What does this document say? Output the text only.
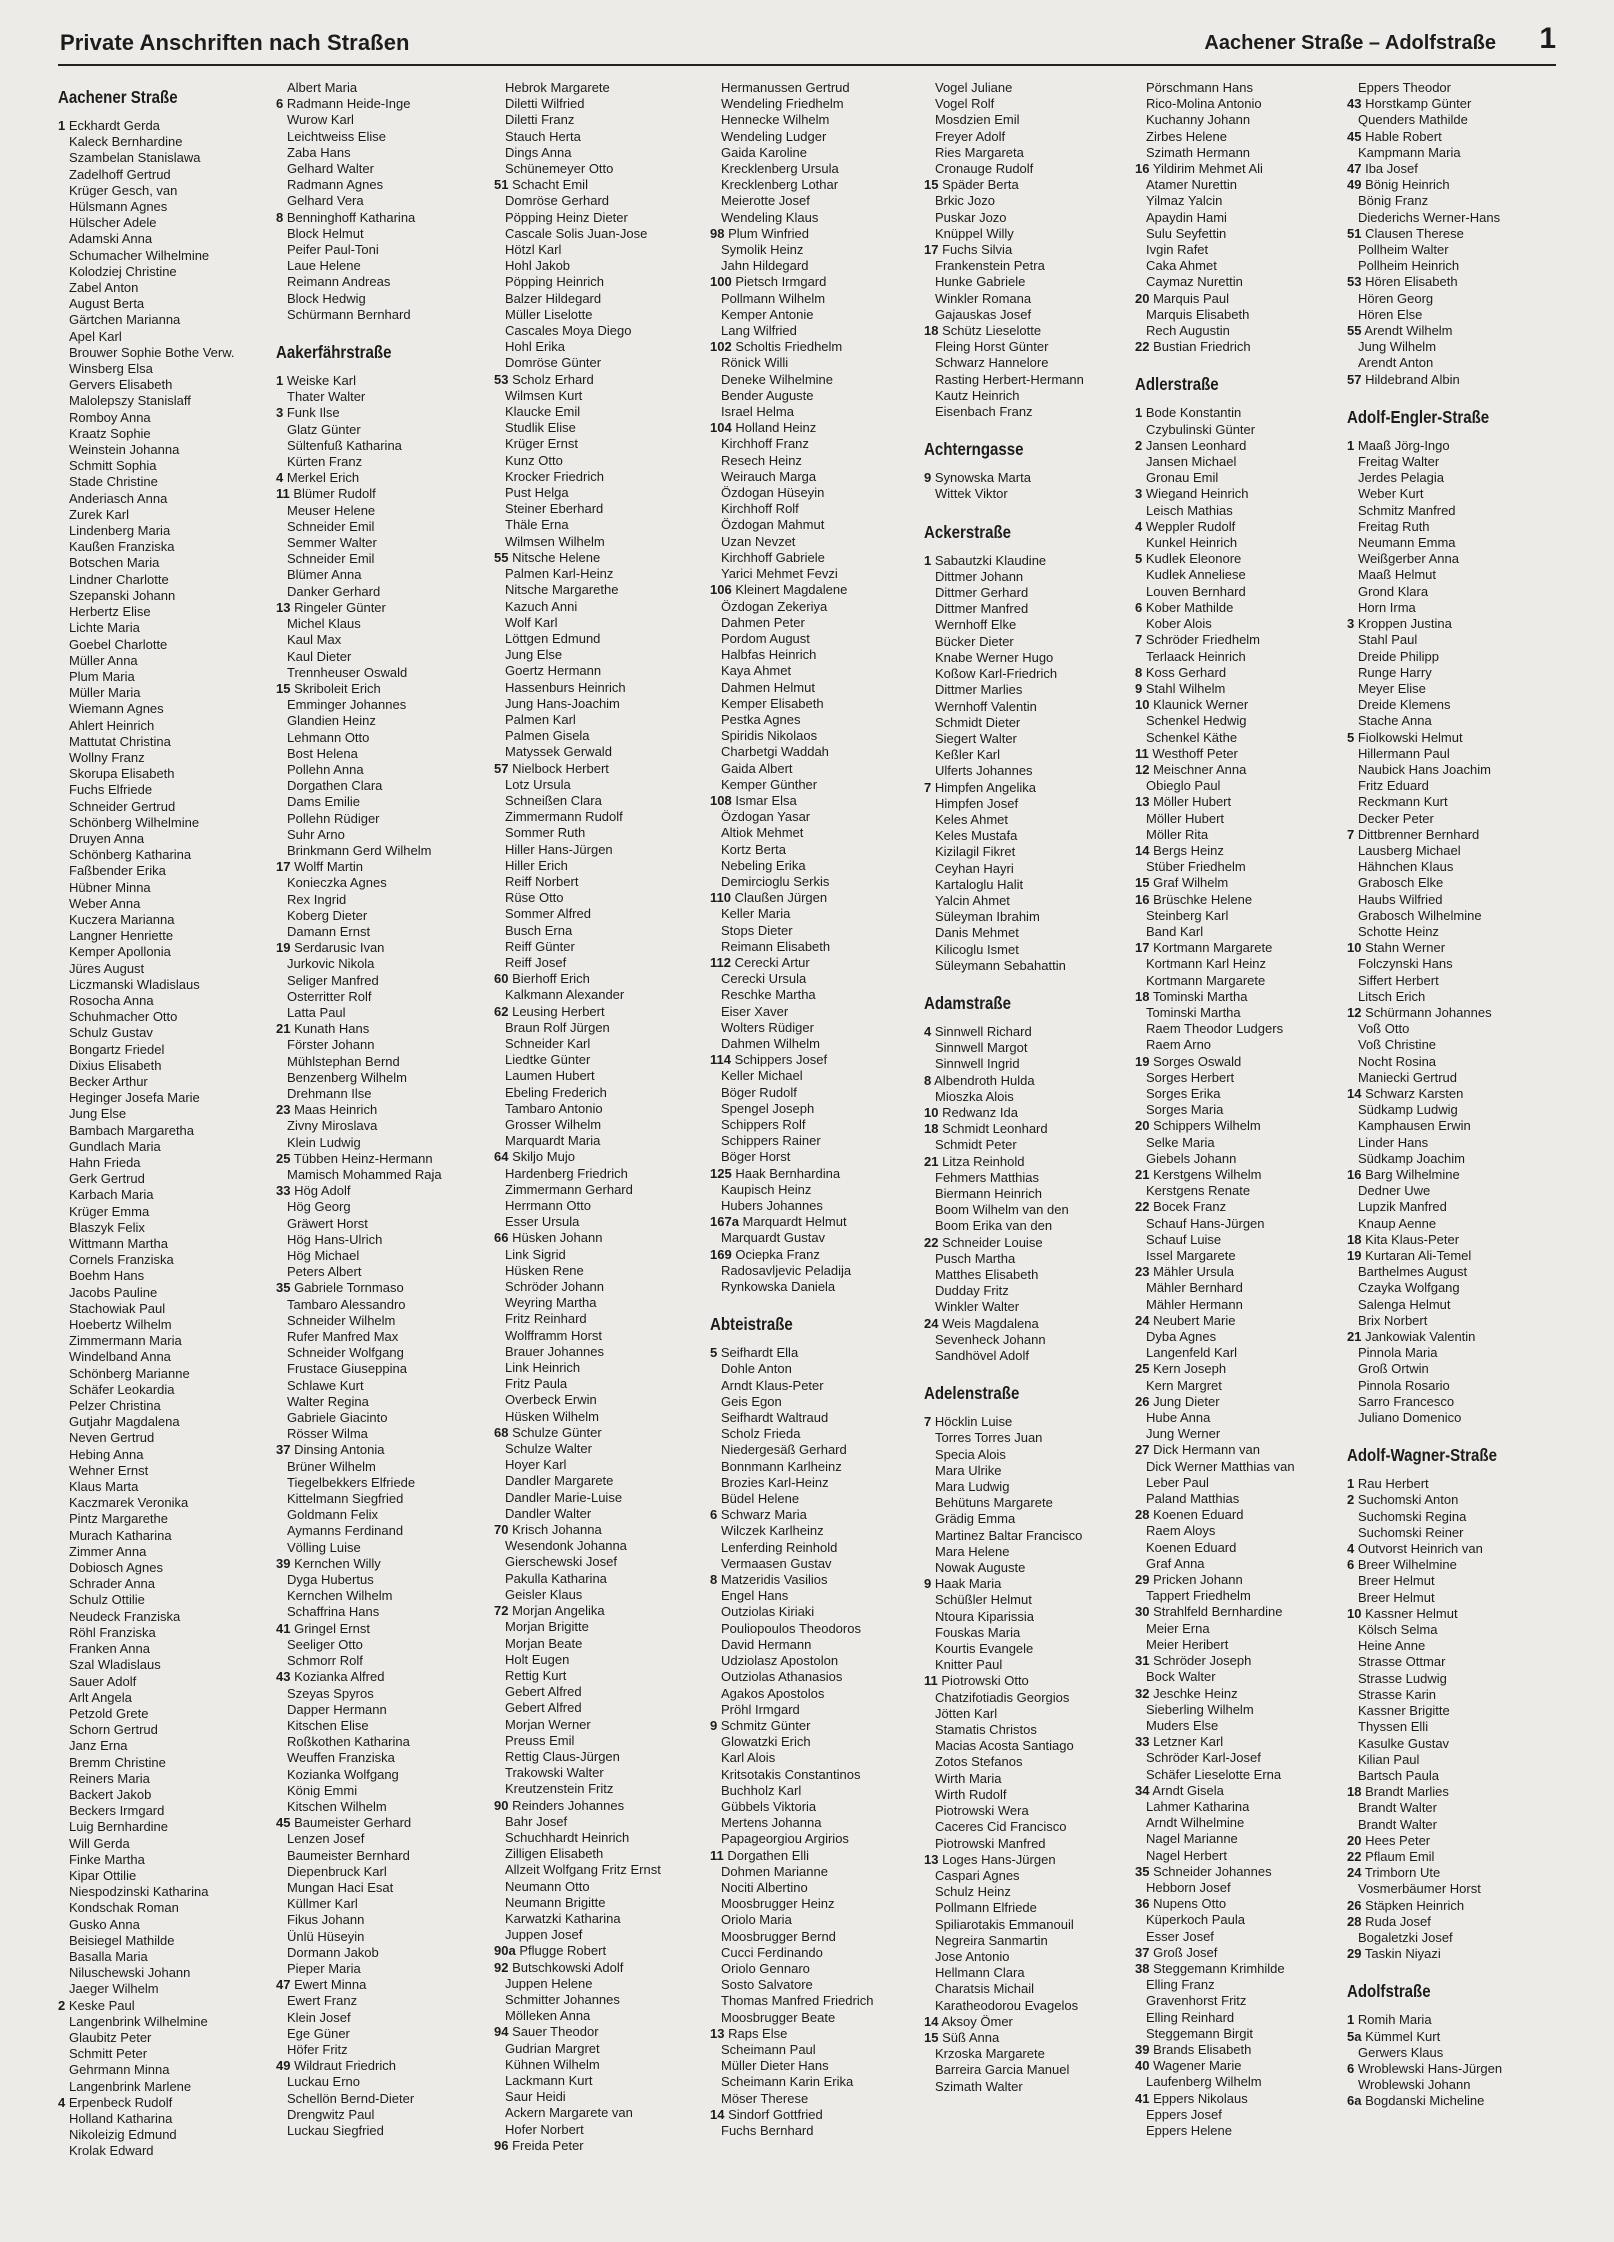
Private Anschriften nach Straßen	Aachener Straße – Adolfstraße 1
Aachener Straße
1 Eckhardt Gerda
Kaleck Bernhardine
Szambelan Stanislawa
Zadelhoff Gertrud
Krüger Gesch, van
Hülsmann Agnes
Hülscher Adele
Adamski Anna
Schumacher Wilhelmine
Kolodziej Christine
Zabel Anton
August Berta
Gärtchen Marianna
Apel Karl
Brouwer Sophie Bothe Verw.
Winsberg Elsa
Gervers Elisabeth
Malolepszy Stanislaff
Romboy Anna
Kraatz Sophie
Weinstein Johanna
Schmitt Sophia
Stade Christine
Anderiasch Anna
Zurek Karl
Lindenberg Maria
Kaußen Franziska
Botschen Maria
Lindner Charlotte
Szepanski Johann
Herbertz Elise
Lichte Maria
Goebel Charlotte
Müller Anna
Plum Maria
Müller Maria
Wiemann Agnes
Ahlert Heinrich
Mattutat Christina
Wollny Franz
Skorupa Elisabeth
Fuchs Elfriede
Schneider Gertrud
Schönberg Wilhelmine
Druyen Anna
Schönberg Katharina
Faßbender Erika
Hübner Minna
Weber Anna
Kuczera Marianna
Langner Henriette
Kemper Apollonia
Jüres August
Liczmanski Wladislaus
Rosocha Anna
Schuhmacher Otto
Schulz Gustav
Bongartz Friedel
Dixius Elisabeth
Becker Arthur
Heginger Josefa Marie
Jung Else
Bambach Margaretha
Gundlach Maria
Hahn Frieda
Gerk Gertrud
Karbach Maria
Krüger Emma
Blaszyk Felix
Wittmann Martha
Cornels Franziska
Boehm Hans
Jacobs Pauline
Stachowiak Paul
Hoebertz Wilhelm
Zimmermann Maria
Windelband Anna
Schönberg Marianne
Schäfer Leokardia
Pelzer Christina
Gutjahr Magdalena
Neven Gertrud
Hebing Anna
Wehner Ernst
Klaus Marta
Kaczmarek Veronika
Pintz Margarethe
Murach Katharina
Zimmer Anna
Dobiosch Agnes
Schrader Anna
Schulz Ottilie
Neudeck Franziska
Röhl Franziska
Franken Anna
Szal Wladislaus
Sauer Adolf
Arlt Angela
Petzold Grete
Schorn Gertrud
Janz Erna
Bremm Christine
Reiners Maria
Backert Jakob
Beckers Irmgard
Luig Bernhardine
Will Gerda
Finke Martha
Kipar Ottilie
Niespodzinski Katharina
Kondschak Roman
Gusko Anna
Beisiegel Mathilde
Basalla Maria
Niluschewski Johann
Jaeger Wilhelm
2 Keske Paul
Langenbrink Wilhelmine
Glaubitz Peter
Schmitt Peter
Gehrmann Minna
Langenbrink Marlene
4 Erpenbeck Rudolf
Holland Katharina
Nikoleizig Edmund
Krolak Edward
Albert Maria
6 Radmann Heide-Inge
Wurow Karl
Leichtweiss Elise
Zaba Hans
Gelhard Walter
Radmann Agnes
Gelhard Vera
8 Benninghoff Katharina
Block Helmut
Peifer Paul-Toni
Laue Helene
Reimann Andreas
Block Hedwig
Schürmann Bernhard
Aakerfährstraße
1 Weiske Karl
Thater Walter
3 Funk Ilse
Glatz Günter
Sültenfuß Katharina
Kürten Franz
4 Merkel Erich
11 Blümer Rudolf
Meuser Helene
Schneider Emil
Semmer Walter
Schneider Emil
Blümer Anna
Danker Gerhard
13 Ringeler Günter
Michel Klaus
Kaul Max
Kaul Dieter
Trennheuser Oswald
15 Skriboleit Erich
Emminger Johannes
Glandien Heinz
Lehmann Otto
Bost Helena
Pollehn Anna
Dorgathen Clara
Dams Emilie
Pollehn Rüdiger
Suhr Arno
Brinkmann Gerd Wilhelm
17 Wolff Martin
Konieczka Agnes
Rex Ingrid
Koberg Dieter
Damann Ernst
19 Serdarusic Ivan
Jurkovic Nikola
Seliger Manfred
Osterritter Rolf
Latta Paul
21 Kunath Hans
Förster Johann
Mühlstephan Bernd
Benzenberg Wilhelm
Drehmann Ilse
23 Maas Heinrich
Zivny Miroslava
Klein Ludwig
25 Tübben Heinz-Hermann
Mamisch Mohammed Raja
33 Hög Adolf
Hög Georg
Gräwert Horst
Hög Hans-Ulrich
Hög Michael
Peters Albert
35 Gabriele Tornmaso
Tambaro Alessandro
Schneider Wilhelm
Rufer Manfred Max
Schneider Wolfgang
Frustace Giuseppina
Schlawe Kurt
Walter Regina
Gabriele Giacinto
Rösser Wilma
37 Dinsing Antonia
Brüner Wilhelm
Tiegelbekkers Elfriede
Kittelmann Siegfried
Goldmann Felix
Aymanns Ferdinand
Völling Luise
39 Kernchen Willy
Dyga Hubertus
Kernchen Wilhelm
Schaffrina Hans
41 Gringel Ernst
Seeliger Otto
Schmorr Rolf
43 Kozianka Alfred
Szeyas Spyros
Dapper Hermann
Kitschen Elise
Roßkothen Katharina
Weuffen Franziska
Kozianka Wolfgang
König Emmi
Kitschen Wilhelm
45 Baumeister Gerhard
Lenzen Josef
Baumeister Bernhard
Diepenbruck Karl
Mungan Haci Esat
Küllmer Karl
Fikus Johann
Ünlü Hüseyin
Dormann Jakob
Pieper Maria
47 Ewert Minna
Ewert Franz
Klein Josef
Ege Güner
Höfer Fritz
49 Wildraut Friedrich
Luckau Erno
Schellön Bernd-Dieter
Drengwitz Paul
Luckau Siegfried
Hebrok Margarete
Diletti Wilfried
Diletti Franz
Stauch Herta
Dings Anna
Schünemeyer Otto
51 Schacht Emil
Domröse Gerhard
Pöpping Heinz Dieter
Cascale Solis Juan-Jose
Hötzl Karl
Hohl Jakob
Pöpping Heinrich
Balzer Hildegard
Müller Liselotte
Cascales Moya Diego
Hohl Erika
Domröse Günter
53 Scholz Erhard
Wilmsen Kurt
Klaucke Emil
Studlik Elise
Krüger Ernst
Kunz Otto
Krocker Friedrich
Pust Helga
Steiner Eberhard
Thäle Erna
Wilmsen Wilhelm
55 Nitsche Helene
Palmen Karl-Heinz
Nitsche Margarethe
Kazuch Anni
Wolf Karl
Löttgen Edmund
Jung Else
Goertz Hermann
Hassenburs Heinrich
Jung Hans-Joachim
Palmen Karl
Palmen Gisela
Matyssek Gerwald
57 Nielbock Herbert
Lotz Ursula
Schneißen Clara
Zimmermann Rudolf
Sommer Ruth
Hiller Hans-Jürgen
Hiller Erich
Reiff Norbert
Rüse Otto
Sommer Alfred
Busch Erna
Reiff Günter
Reiff Josef
60 Bierhoff Erich
Kalkmann Alexander
62 Leusing Herbert
Braun Rolf Jürgen
Schneider Karl
Liedtke Günter
Laumen Hubert
Ebeling Frederich
Tambaro Antonio
Grosser Wilhelm
Marquardt Maria
64 Skiljo Mujo
Hardenberg Friedrich
Zimmermann Gerhard
Herrmann Otto
Esser Ursula
66 Hüsken Johann
Link Sigrid
Hüsken Rene
Schröder Johann
Weyring Martha
Fritz Reinhard
Wolfframm Horst
Brauer Johannes
Link Heinrich
Fritz Paula
Overbeck Erwin
Hüsken Wilhelm
68 Schulze Günter
Schulze Walter
Hoyer Karl
Dandler Margarete
Dandler Marie-Luise
Dandler Walter
70 Krisch Johanna
Wesendonk Johanna
Gierschewski Josef
Pakulla Katharina
Geisler Klaus
72 Morjan Angelika
Morjan Brigitte
Morjan Beate
Holt Eugen
Rettig Kurt
Gebert Alfred
Gebert Alfred
Morjan Werner
Preuss Emil
Rettig Claus-Jürgen
Trakowski Walter
Kreutzenstein Fritz
90 Reinders Johannes
Bahr Josef
Schuchhardt Heinrich
Zilligen Elisabeth
Allzeit Wolfgang Fritz Ernst
Neumann Otto
Neumann Brigitte
Karwatzki Katharina
Juppen Josef
90a Pflugge Robert
92 Butschkowski Adolf
Juppen Helene
Schmitter Johannes
Mölleken Anna
94 Sauer Theodor
Gudrian Margret
Kühnen Wilhelm
Lackmann Kurt
Saur Heidi
Ackern Margarete van
Hofer Norbert
96 Freida Peter
Hermanussen Gertrud
Wendeling Friedhelm
Hennecke Wilhelm
Wendeling Ludger
Gaida Karoline
Krecklenberg Ursula
Krecklenberg Lothar
Meierotte Josef
Wendeling Klaus
98 Plum Winfried
Symolik Heinz
Jahn Hildegard
100 Pietsch Irmgard
Pollmann Wilhelm
Kemper Antonie
Lang Wilfried
102 Scholtis Friedhelm
Rönick Willi
Deneke Wilhelmine
Bender Auguste
Israel Helma
104 Holland Heinz
Kirchhoff Franz
Resech Heinz
Weirauch Marga
Özdogan Hüseyin
Kirchhoff Rolf
Özdogan Mahmut
Uzan Nevzet
Kirchhoff Gabriele
Yarici Mehmet Fevzi
106 Kleinert Magdalene
Özdogan Zekeriya
Dahmen Peter
Pordom August
Halbfas Heinrich
Kaya Ahmet
Dahmen Helmut
Kemper Elisabeth
Pestka Agnes
Spiridis Nikolaos
Charbetgi Waddah
Gaida Albert
Kemper Günther
108 Ismar Elsa
Özdogan Yasar
Altiok Mehmet
Kortz Berta
Nebeling Erika
Demircioglu Serkis
110 Claußen Jürgen
Keller Maria
Stops Dieter
Reimann Elisabeth
112 Cerecki Artur
Cerecki Ursula
Reschke Martha
Eiser Xaver
Wolters Rüdiger
Dahmen Wilhelm
114 Schippers Josef
Keller Michael
Böger Rudolf
Spengel Joseph
Schippers Rolf
Schippers Rainer
Böger Horst
125 Haak Bernhardina
Kaupisch Heinz
Hubers Johannes
167a Marquardt Helmut
Marquardt Gustav
169 Ociepka Franz
Radosavljevic Peladija
Rynkowska Daniela
Abteistraße
5 Seifhardt Ella
Dohle Anton
Arndt Klaus-Peter
Geis Egon
Seifhardt Waltraud
Scholz Frieda
Niedergesäß Gerhard
Bonnmann Karlheinz
Brozies Karl-Heinz
Büdel Helene
6 Schwarz Maria
Wilczek Karlheinz
Lenferding Reinhold
Vermaasen Gustav
8 Matzeridis Vasilios
Engel Hans
Outziolas Kiriaki
Pouliopoulos Theodoros
David Hermann
Udziolasz Apostolon
Outziolas Athanasios
Agakos Apostolos
Pröhl Irmgard
9 Schmitz Günter
Glowatzki Erich
Karl Alois
Kritsotakis Constantinos
Buchholz Karl
Gübbels Viktoria
Mertens Johanna
Papageorgiou Argirios
11 Dorgathen Elli
Dohmen Marianne
Nociti Albertino
Moosbrugger Heinz
Oriolo Maria
Moosbrugger Bernd
Cucci Ferdinando
Oriolo Gennaro
Sosto Salvatore
Thomas Manfred Friedrich
Moosbrugger Beate
13 Raps Else
Scheimann Paul
Müller Dieter Hans
Scheimann Karin Erika
Möser Therese
14 Sindorf Gottfried
Fuchs Bernhard
Vogel Juliane
Vogel Rolf
Mosdzien Emil
Freyer Adolf
Ries Margareta
Cronauge Rudolf
15 Späder Berta
Brkic Jozo
Puskar Jozo
Knüppel Willy
17 Fuchs Silvia
Frankenstein Petra
Hunke Gabriele
Winkler Romana
Gajauskas Josef
18 Schütz Lieselotte
Fleing Horst Günter
Schwarz Hannelore
Rasting Herbert-Hermann
Kautz Heinrich
Eisenbach Franz
Achterngasse
9 Synowska Marta
Wittek Viktor
Ackerstraße
1 Sabautzki Klaudine
Dittmer Johann
Dittmer Gerhard
Dittmer Manfred
Wernhoff Elke
Bücker Dieter
Knabe Werner Hugo
Koßow Karl-Friedrich
Dittmer Marlies
Wernhoff Valentin
Schmidt Dieter
Siegert Walter
Keßler Karl
Ulferts Johannes
7 Himpfen Angelika
Himpfen Josef
Keles Ahmet
Keles Mustafa
Kizilagil Fikret
Ceyhan Hayri
Kartaloglu Halit
Yalcin Ahmet
Süleyman Ibrahim
Danis Mehmet
Kilicoglu Ismet
Süleymann Sebahattin
Adamstraße
4 Sinnwell Richard
Sinnwell Margot
Sinnwell Ingrid
8 Albendroth Hulda
Mioszka Alois
10 Redwanz Ida
18 Schmidt Leonhard
Schmidt Peter
21 Litza Reinhold
Fehmers Matthias
Biermann Heinrich
Boom Wilhelm van den
Boom Erika van den
22 Schneider Louise
Pusch Martha
Matthes Elisabeth
Dudday Fritz
Winkler Walter
24 Weis Magdalena
Sevenheck Johann
Sandhövel Adolf
Adelenstraße
7 Höcklin Luise
Torres Torres Juan
Specia Alois
Mara Ulrike
Mara Ludwig
Behütuns Margarete
Grädig Emma
Martinez Baltar Francisco
Mara Helene
Nowak Auguste
9 Haak Maria
Schüßler Helmut
Ntoura Kiparissia
Fouskas Maria
Kourtis Evangele
Knitter Paul
11 Piotrowski Otto
Chatzifotiadis Georgios
Jötten Karl
Stamatis Christos
Macias Acosta Santiago
Zotos Stefanos
Wirth Maria
Wirth Rudolf
Piotrowski Wera
Caceres Cid Francisco
Piotrowski Manfred
13 Loges Hans-Jürgen
Caspari Agnes
Schulz Heinz
Pollmann Elfriede
Spiliarotakis Emmanouil
Negreira Sanmartin
Jose Antonio
Hellmann Clara
Charatsis Michail
Karatheodorou Evagelos
14 Aksoy Ömer
15 Süß Anna
Krzoska Margarete
Barreira Garcia Manuel
Szimath Walter
Pörschmann Hans
Rico-Molina Antonio
Kuchanny Johann
Zirbes Helene
Szimath Hermann
16 Yildirim Mehmet Ali
Atamer Nurettin
Yilmaz Yalcin
Apaydin Hami
Sulu Seyfettin
Ivgin Rafet
Caka Ahmet
Caymaz Nurettin
20 Marquis Paul
Marquis Elisabeth
Rech Augustin
22 Bustian Friedrich
Adlerstraße
1 Bode Konstantin
Czybulinski Günter
2 Jansen Leonhard
Jansen Michael
Gronau Emil
3 Wiegand Heinrich
Leisch Mathias
4 Weppler Rudolf
Kunkel Heinrich
5 Kudlek Eleonore
Kudlek Anneliese
Louven Bernhard
6 Kober Mathilde
Kober Alois
7 Schröder Friedhelm
Terlaack Heinrich
8 Koss Gerhard
9 Stahl Wilhelm
10 Klaunick Werner
Schenkel Hedwig
Schenkel Käthe
11 Westhoff Peter
12 Meischner Anna
Obieglo Paul
13 Möller Hubert
Möller Hubert
Möller Rita
14 Bergs Heinz
Stüber Friedhelm
15 Graf Wilhelm
16 Brüschke Helene
Steinberg Karl
Band Karl
17 Kortmann Margarete
Kortmann Karl Heinz
Kortmann Margarete
18 Tominski Martha
Tominski Martha
Raem Theodor Ludgers
Raem Arno
19 Sorges Oswald
Sorges Herbert
Sorges Erika
Sorges Maria
20 Schippers Wilhelm
Selke Maria
Giebels Johann
21 Kerstgens Wilhelm
Kerstgens Renate
22 Bocek Franz
Schauf Hans-Jürgen
Schauf Luise
Issel Margarete
23 Mähler Ursula
Mähler Bernhard
Mähler Hermann
24 Neubert Marie
Dyba Agnes
Langenfeld Karl
25 Kern Joseph
Kern Margret
26 Jung Dieter
Hube Anna
Jung Werner
27 Dick Hermann van
Dick Werner Matthias van
Leber Paul
Paland Matthias
28 Koenen Eduard
Raem Aloys
Koenen Eduard
Graf Anna
29 Pricken Johann
Tappert Friedhelm
30 Strahlfeld Bernhardine
Meier Erna
Meier Heribert
31 Schröder Joseph
Bock Walter
32 Jeschke Heinz
Sieberling Wilhelm
Muders Else
33 Letzner Karl
Schröder Karl-Josef
Schäfer Lieselotte Erna
34 Arndt Gisela
Lahmer Katharina
Arndt Wilhelmine
Nagel Marianne
Nagel Herbert
35 Schneider Johannes
Hebborn Josef
36 Nupens Otto
Küperkoch Paula
Esser Josef
37 Groß Josef
38 Steggemann Krimhilde
Elling Franz
Gravenhorst Fritz
Elling Reinhard
Steggemann Birgit
39 Brands Elisabeth
40 Wagener Marie
Laufenberg Wilhelm
41 Eppers Nikolaus
Eppers Josef
Eppers Helene
Eppers Theodor
43 Horstkamp Günter
Quenders Mathilde
45 Hable Robert
Kampmann Maria
47 Iba Josef
49 Bönig Heinrich
Bönig Franz
Diederichs Werner-Hans
51 Clausen Therese
Pollheim Walter
Pollheim Heinrich
53 Hören Elisabeth
Hören Georg
Hören Else
55 Arendt Wilhelm
Jung Wilhelm
Arendt Anton
57 Hildebrand Albin
Adolf-Engler-Straße
1 Maaß Jörg-Ingo
Freitag Walter
Jerdes Pelagia
Weber Kurt
Schmitz Manfred
Freitag Ruth
Neumann Emma
Weißgerber Anna
Maaß Helmut
Grond Klara
Horn Irma
3 Kroppen Justina
Stahl Paul
Dreide Philipp
Runge Harry
Meyer Elise
Dreide Klemens
Stache Anna
5 Fiolkowski Helmut
Hillermann Paul
Naubick Hans Joachim
Fritz Eduard
Reckmann Kurt
Decker Peter
7 Dittbrenner Bernhard
Lausberg Michael
Hähnchen Klaus
Grabosch Elke
Haubs Wilfried
Grabosch Wilhelmine
Schotte Heinz
10 Stahn Werner
Folczynski Hans
Siffert Herbert
Litsch Erich
12 Schürmann Johannes
Voß Otto
Voß Christine
Nocht Rosina
Maniecki Gertrud
14 Schwarz Karsten
Südkamp Ludwig
Kamphausen Erwin
Linder Hans
Südkamp Joachim
16 Barg Wilhelmine
Dedner Uwe
Lupzik Manfred
Knaup Aenne
18 Kita Klaus-Peter
19 Kurtaran Ali-Temel
Barthelmes August
Czayka Wolfgang
Salenga Helmut
Brix Norbert
21 Jankowiak Valentin
Pinnola Maria
Groß Ortwin
Pinnola Rosario
Sarro Francesco
Juliano Domenico
Adolf-Wagner-Straße
1 Rau Herbert
2 Suchomski Anton
Suchomski Regina
Suchomski Reiner
4 Outvorst Heinrich van
6 Breer Wilhelmine
Breer Helmut
Breer Helmut
10 Kassner Helmut
Kölsch Selma
Heine Anne
Strasse Ottmar
Strasse Ludwig
Strasse Karin
Kassner Brigitte
Thyssen Elli
Kasulke Gustav
Kilian Paul
Bartsch Paula
18 Brandt Marlies
Brandt Walter
Brandt Walter
20 Hees Peter
22 Pflaum Emil
24 Trimborn Ute
Vosmerbäumer Horst
26 Stäpken Heinrich
28 Ruda Josef
Bogaletzki Josef
29 Taskin Niyazi
Adolfstraße
1 Romih Maria
5a Kümmel Kurt
Gerwers Klaus
6 Wroblewski Hans-Jürgen
Wroblewski Johann
6a Bogdanski Micheline
